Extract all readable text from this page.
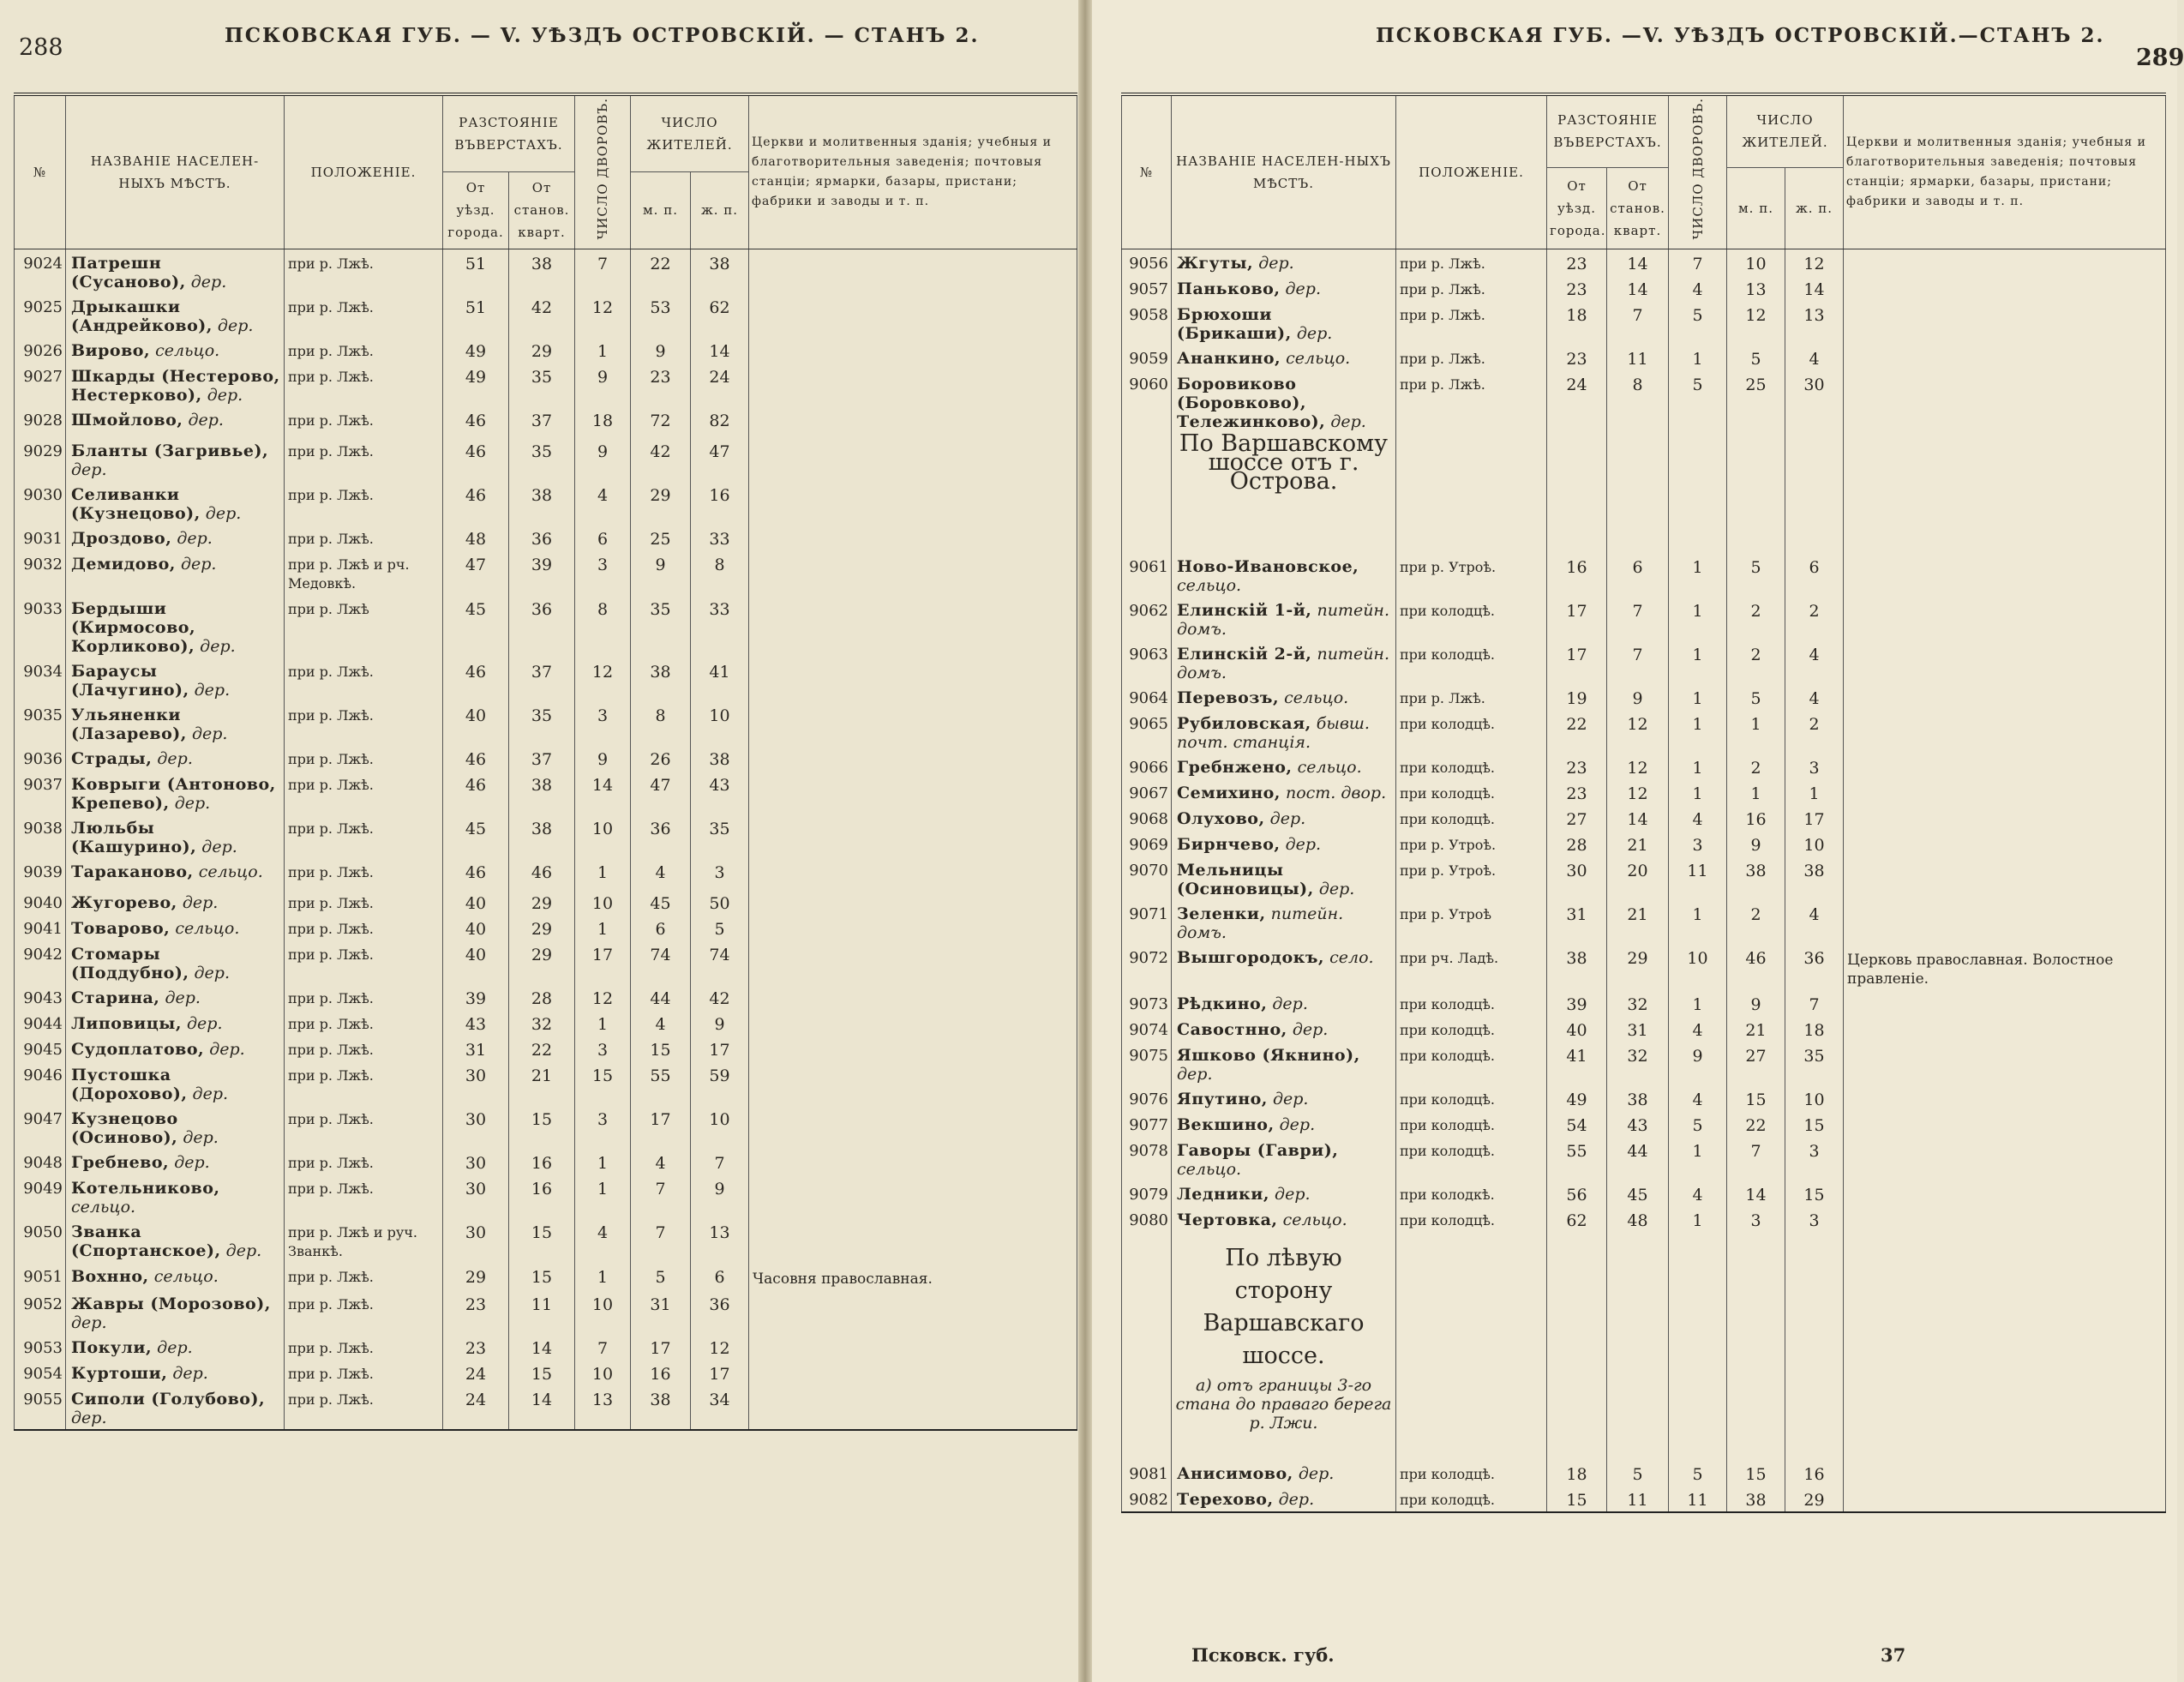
288	ПСКОВСКАЯ ГУБ. — V. УѢЗДЪ ОСТРОВСКІЙ. — СТАНЪ 2.	ПСКОВСКАЯ ГУБ. —V. УѢЗДЪ ОСТРОВСКІЙ.—СТАНЪ 2.
289
Псковск. губ.	37
№	НАЗВАНІЕ НАСЕЛЕН-НЫХЪ МѢСТЪ.	ПОЛОЖЕНІЕ.	РАЗСТОЯНІЕ ВЪВЕРСТАХЪ.		ЧИСЛО ДВОРОВЪ.	ЧИСЛО ЖИТЕЛЕЙ.		Церкви и молитвенныя зданія; учебныя и благотворительныя заведенія; почтовыя станціи; ярмарки, базары, пристани; фабрики и заводы и т. п.
			От уѣзд. города.	От станов. кварт.		м. п.	ж. п.	
9024	Патрешн (Сусаново), дер.	при р. Лжѣ.	51	38	7	22	38	
9025	Дрыкашки (Андрейково), дер.	при р. Лжѣ.	51	42	12	53	62	
9026	Вирово, сельцо.	при р. Лжѣ.	49	29	1	9	14	
9027	Шкарды (Нестерово, Нестерково), дер.	при р. Лжѣ.	49	35	9	23	24	
9028	Шмойлово, дер.	при р. Лжѣ.	46	37	18	72	82	
9029	Бланты (Загривье), дер.	при р. Лжѣ.	46	35	9	42	47	
9030	Селиванки (Кузнецово), дер.	при р. Лжѣ.	46	38	4	29	16	
9031	Дроздово, дер.	при р. Лжѣ.	48	36	6	25	33	
9032	Демидово, дер.	при р. Лжѣ и рч. Медовкѣ.	47	39	3	9	8	
9033	Бердыши (Кирмосово, Корликово), дер.	при р. Лжѣ	45	36	8	35	33	
9034	Бараусы (Лачугино), дер.	при р. Лжѣ.	46	37	12	38	41	
9035	Ульяненки (Лазарево), дер.	при р. Лжѣ.	40	35	3	8	10	
9036	Страды, дер.	при р. Лжѣ.	46	37	9	26	38	
9037	Коврыги (Антоново, Крепево), дер.	при р. Лжѣ.	46	38	14	47	43	
9038	Люльбы (Кашурино), дер.	при р. Лжѣ.	45	38	10	36	35	
9039	Тараканово, сельцо.	при р. Лжѣ.	46	46	1	4	3	
9040	Жугорево, дер.	при р. Лжѣ.	40	29	10	45	50	
9041	Товарово, сельцо.	при р. Лжѣ.	40	29	1	6	5	
9042	Стомары (Поддубно), дер.	при р. Лжѣ.	40	29	17	74	74	
9043	Старина, дер.	при р. Лжѣ.	39	28	12	44	42	
9044	Липовицы, дер.	при р. Лжѣ.	43	32	1	4	9	
9045	Судоплатово, дер.	при р. Лжѣ.	31	22	3	15	17	
9046	Пустошка (Дорохово), дер.	при р. Лжѣ.	30	21	15	55	59	
9047	Кузнецово (Осиново), дер.	при р. Лжѣ.	30	15	3	17	10	
9048	Гребнево, дер.	при р. Лжѣ.	30	16	1	4	7	
9049	Котельниково, сельцо.	при р. Лжѣ.	30	16	1	7	9	
9050	Званка (Спортанское), дер.	при р. Лжѣ и руч. Званкѣ.	30	15	4	7	13	
9051	Вохнно, сельцо.	при р. Лжѣ.	29	15	1	5	6	Часовня православная.
9052	Жавры (Морозово), дер.	при р. Лжѣ.	23	11	10	31	36	
9053	Покули, дер.	при р. Лжѣ.	23	14	7	17	12	
9054	Куртоши, дер.	при р. Лжѣ.	24	15	10	16	17	
9055	Сиполи (Голубово), дер.	при р. Лжѣ.	24	14	13	38	34	
№	НАЗВАНІЕ НАСЕЛЕН-НЫХЪ МѢСТЪ.	ПОЛОЖЕНІЕ.	РАЗСТОЯНІЕ ВЪВЕРСТАХЪ.		ЧИСЛО ДВОРОВЪ.	ЧИСЛО ЖИТЕЛЕЙ.		Церкви и молитвенныя зданія; учебныя и благотворительныя заведенія; почтовыя станціи; ярмарки, базары, пристани; фабрики и заводы и т. п.
			От уѣзд. города.	От станов. кварт.		м. п.	ж. п.	
9056	Жгуты, дер.	при р. Лжѣ.	23	14	7	10	12	
9057	Паньково, дер.	при р. Лжѣ.	23	14	4	13	14	
9058	Брюхоши (Брикаши), дер.	при р. Лжѣ.	18	7	5	12	13	
9059	Ананкино, сельцо.	при р. Лжѣ.	23	11	1	5	4	
9060	Боровиково (Боровково), Тележинково), дер.	при р. Лжѣ.	24	8	5	25	30	
	По Варшавскому шоссе отъ г. Острова.							
9061	Ново-Ивановское, сельцо.	при р. Утроѣ.	16	6	1	5	6	
9062	Елинскій 1-й, питейн. домъ.	при колодцѣ.	17	7	1	2	2	
9063	Елинскій 2-й, питейн. домъ.	при колодцѣ.	17	7	1	2	4	
9064	Перевозъ, сельцо.	при р. Лжѣ.	19	9	1	5	4	
9065	Рубиловская, бывш. почт. станція.	при колодцѣ.	22	12	1	1	2	
9066	Гребнжено, сельцо.	при колодцѣ.	23	12	1	2	3	
9067	Семихино, пост. двор.	при колодцѣ.	23	12	1	1	1	
9068	Олухово, дер.	при колодцѣ.	27	14	4	16	17	
9069	Бирнчево, дер.	при р. Утроѣ.	28	21	3	9	10	
9070	Мельницы (Осиновицы), дер.	при р. Утроѣ.	30	20	11	38	38	
9071	Зеленки, питейн. домъ.	при р. Утроѣ	31	21	1	2	4	
9072	Вышгородокъ, село.	при рч. Ладѣ.	38	29	10	46	36	Церковь православная. Волостное правленіе.
9073	Рѣдкино, дер.	при колодцѣ.	39	32	1	9	7	
9074	Савостнно, дер.	при колодцѣ.	40	31	4	21	18	
9075	Яшково (Якнино), дер.	при колодцѣ.	41	32	9	27	35	
9076	Япутино, дер.	при колодцѣ.	49	38	4	15	10	
9077	Векшино, дер.	при колодцѣ.	54	43	5	22	15	
9078	Гаворы (Гаври), сельцо.	при колодцѣ.	55	44	1	7	3	
9079	Ледники, дер.	при колодкѣ.	56	45	4	14	15	
9080	Чертовка, сельцо.	при колодцѣ.	62	48	1	3	3	
	По лѣвую сторону Варшавскаго шоссе.							
	а) отъ границы 3-го стана до праваго берега р. Лжи.							
9081	Анисимово, дер.	при колодцѣ.	18	5	5	15	16	
9082	Терехово, дер.	при колодцѣ.	15	11	11	38	29	
